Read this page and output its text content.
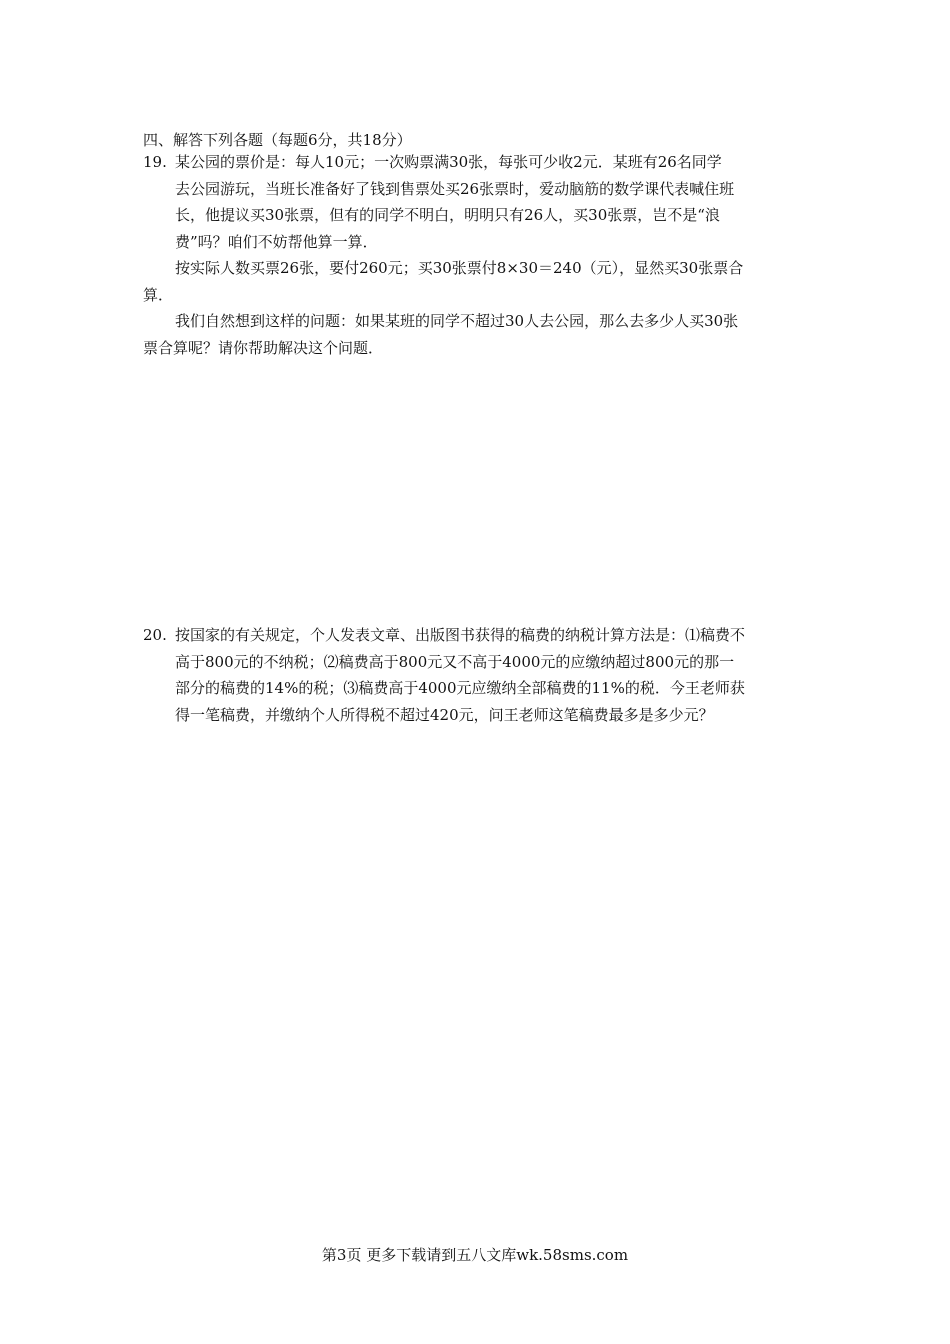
四、解答下列各题（每题6分，共18分）
19. 某公园的票价是：每人10元；一次购票满30张，每张可少收2元．某班有26名同学
去公园游玩，当班长准备好了钱到售票处买26张票时，爱动脑筋的数学课代表喊住班
长，他提议买30张票，但有的同学不明白，明明只有26人，买30张票，岂不是“浪
费”吗？咱们不妨帮他算一算．
按实际人数买票26张，要付260元；买30张票付8×30＝240（元），显然买30张票合
算．
我们自然想到这样的问题：如果某班的同学不超过30人去公园，那么去多少人买30张
票合算呢？请你帮助解决这个问题．
20. 按国家的有关规定，个人发表文章、出版图书获得的稿费的纳税计算方法是：⑴稿费不
高于800元的不纳税；⑵稿费高于800元又不高于4000元的应缴纳超过800元的那一
部分的稿费的14%的税；⑶稿费高于4000元应缴纳全部稿费的11%的税．今王老师获
得一笔稿费，并缴纳个人所得税不超过420元，问王老师这笔稿费最多是多少元？
第3页 更多下载请到五八文库wk.58sms.com
